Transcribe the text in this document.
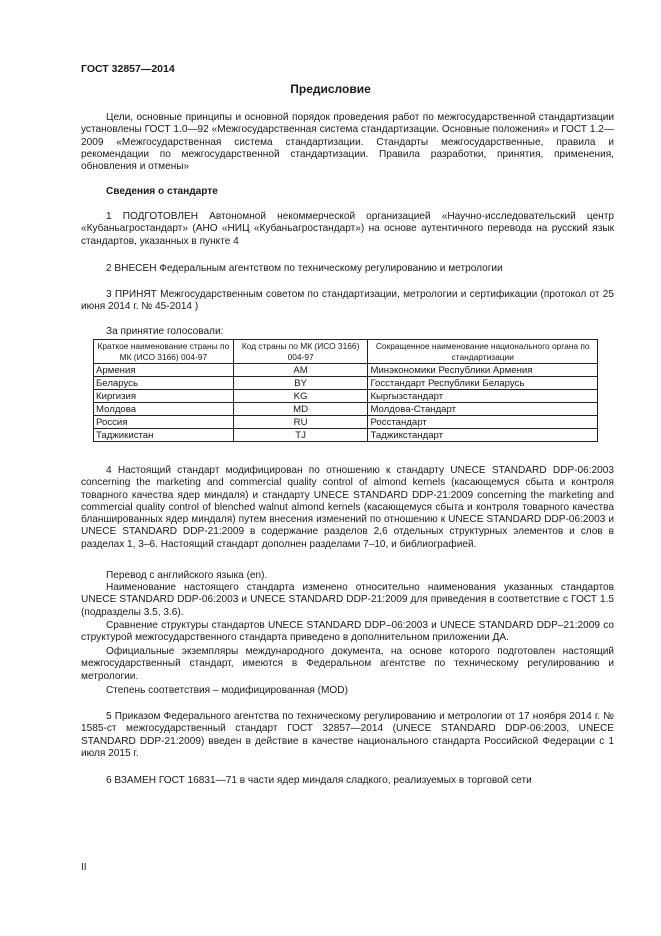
ГОСТ 32857—2014
Предисловие

Цели, основные принципы и основной порядок проведения работ по межгосударственной стандартизации установлены ГОСТ 1.0—92 «Межгосударственная система стандартизации. Основные положения» и ГОСТ 1.2—2009 «Межгосударственная система стандартизации. Стандарты межгосударственные, правила и рекомендации по межгосударственной стандартизации. Правила разработки, принятия, применения, обновления и отмены»

Сведения о стандарте

1 ПОДГОТОВЛЕН Автономной некоммерческой организацией «Научно-исследовательский центр «Кубаньагростандарт» (АНО «НИЦ «Кубаньагростандарт») на основе аутентичного перевода на русский язык стандартов, указанных в пункте 4

2 ВНЕСЕН Федеральным агентством по техническому регулированию и метрологии

3 ПРИНЯТ Межгосударственным советом по стандартизации, метрологии и сертификации (протокол от 25 июня 2014 г. № 45-2014 )

За принятие голосовали:
Краткое наименование страны по МК (ИСО 3166) 004-97	Код страны по МК (ИСО 3166) 004-97	Сокращенное наименование национального органа по стандартизации
Армения	AM	Минэкономики Республики Армения
Беларусь	BY	Госстандарт Республики Беларусь
Киргизия	KG	Кыргызстандарт
Молдова	MD	Молдова-Стандарт
Россия	RU	Росстандарт
Таджикистан	TJ	Таджикстандарт

4 Настоящий стандарт модифицирован по отношению к стандарту UNECE STANDARD DDP-06:2003 concerning the marketing and commercial quality control of almond kernels (касающемуся сбыта и контроля товарного качества ядер миндаля) и стандарту UNECE STANDARD DDP-21:2009 concerning the marketing and commercial quality control of blenched walnut almond kernels (касающемуся сбыта и контроля товарного качества бланшированных ядер миндаля) путем внесения изменений по отношению к UNECE STANDARD DDP-06:2003 и UNECE STANDARD DDP-21:2009 в содержание разделов 2,6 отдельных структурных элементов и слов в разделах 1, 3–6. Настоящий стандарт дополнен разделами 7–10, и библиографией.

Перевод с английского языка (en).

Наименование настоящего стандарта изменено относительно наименования указанных стандартов UNECE STANDARD DDP-06:2003 и UNECE STANDARD DDP-21:2009 для приведения в соответствие с ГОСТ 1.5 (подразделы 3.5, 3.6).

Сравнение структуры стандартов UNECE STANDARD DDP–06:2003 и UNECE STANDARD DDP–21:2009 со структурой межгосударственного стандарта приведено в дополнительном приложении ДА.

Официальные экземпляры международного документа, на основе которого подготовлен настоящий межгосударственный стандарт, имеются в Федеральном агентстве по техническому регулированию и метрологии.

Степень соответствия – модифицированная (MOD)

5 Приказом Федерального агентства по техническому регулированию и метрологии от 17 ноября 2014 г. № 1585-ст межгосударственный стандарт ГОСТ 32857—2014 (UNECE STANDARD DDP-06:2003, UNECE STANDARD DDP-21:2009) введен в действие в качестве национального стандарта Российской Федерации с 1 июля 2015 г.

6 ВЗАМЕН ГОСТ 16831—71 в части ядер миндаля сладкого, реализуемых в торговой сети

II
